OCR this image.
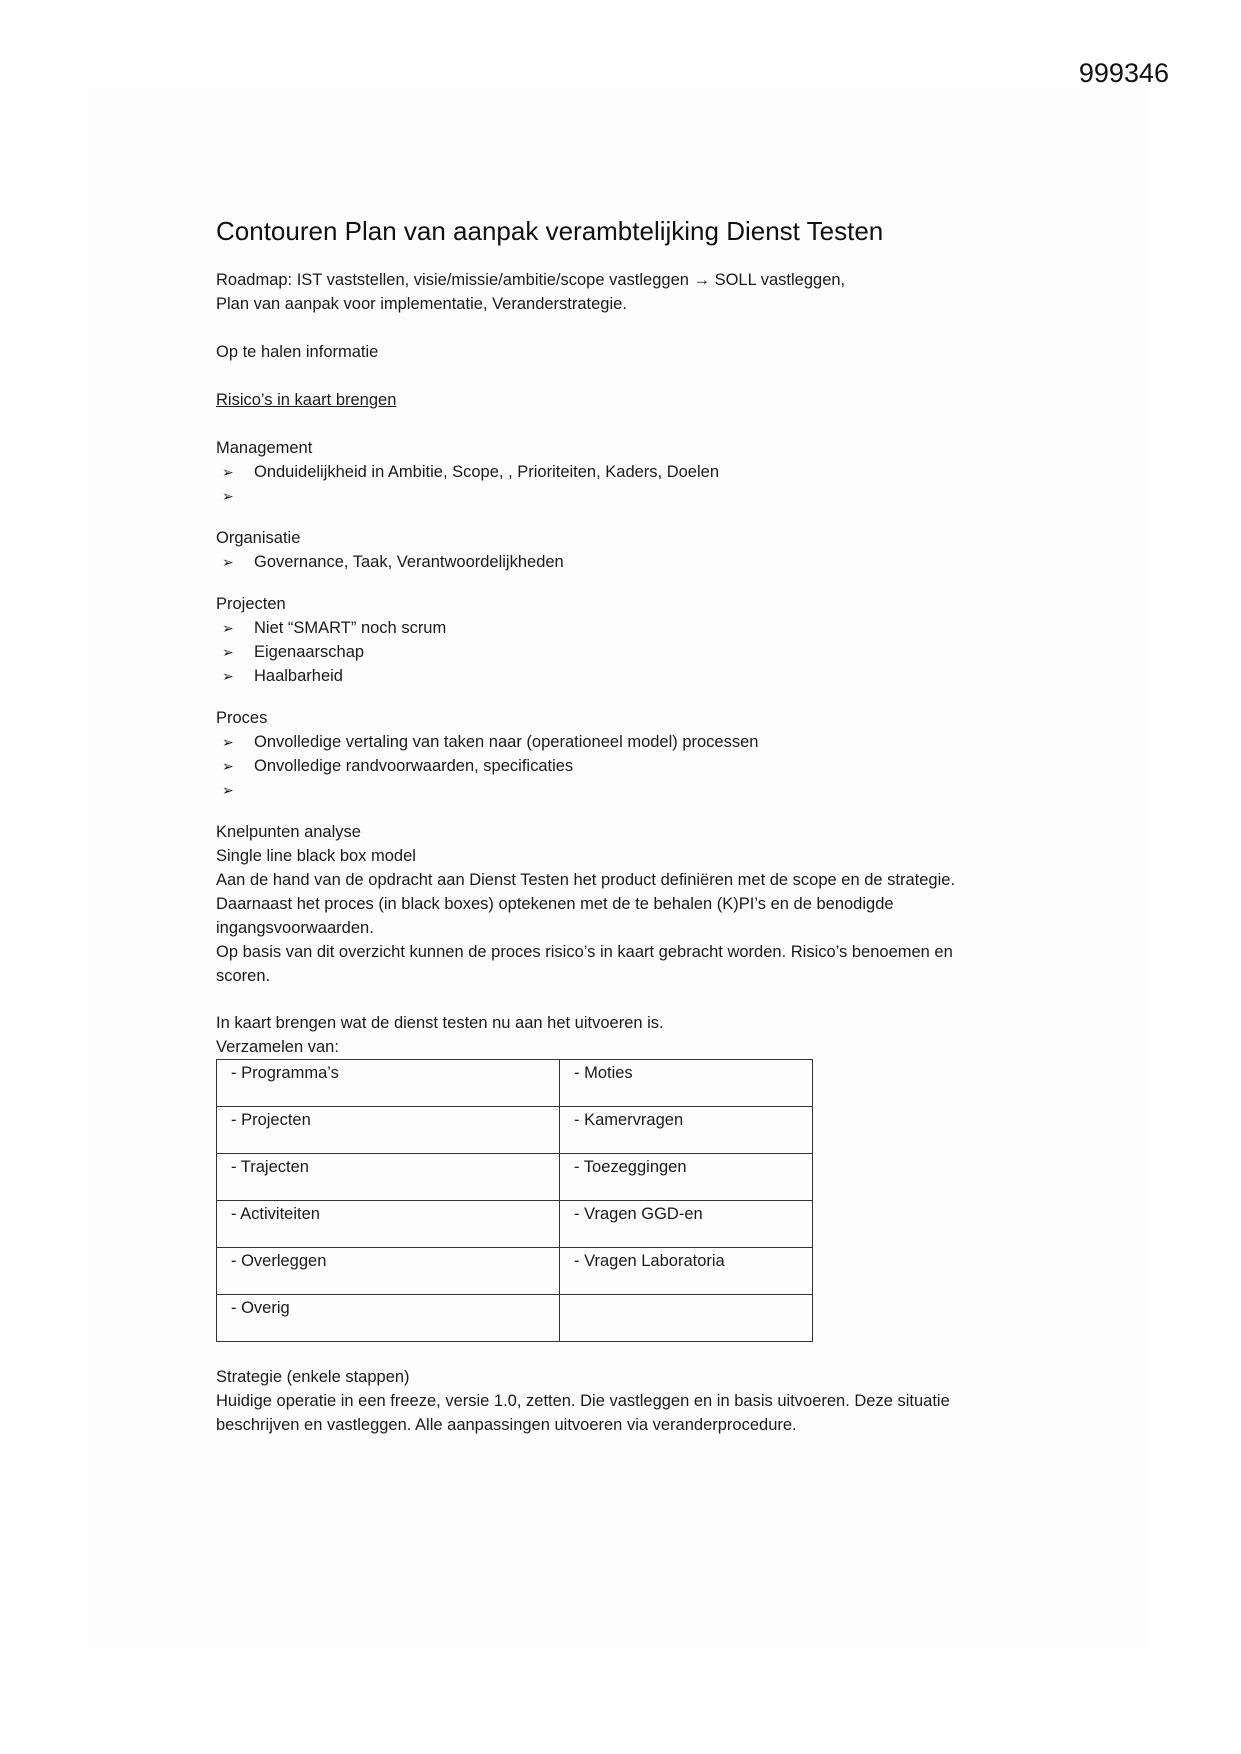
999346
Contouren Plan van aanpak verambtelijking Dienst Testen

Roadmap: IST vaststellen, visie/missie/ambitie/scope vastleggen → SOLL vastleggen,

Plan van aanpak voor implementatie, Veranderstrategie.

Op te halen informatie

Risico’s in kaart brengen

Management

➢ Onduidelijkheid in Ambitie, Scope, , Prioriteiten, Kaders, Doelen
➢

Organisatie

➢ Governance, Taak, Verantwoordelijkheden

Projecten

➢ Niet “SMART” noch scrum
➢ Eigenaarschap
➢ Haalbarheid

Proces

➢ Onvolledige vertaling van taken naar (operationeel model) processen
➢ Onvolledige randvoorwaarden, specificaties
➢

Knelpunten analyse

Single line black box model

Aan de hand van de opdracht aan Dienst Testen het product definiëren met de scope en de strategie.

Daarnaast het proces (in black boxes) optekenen met de te behalen (K)PI’s en de benodigde

ingangsvoorwaarden.

Op basis van dit overzicht kunnen de proces risico’s in kaart gebracht worden. Risico’s benoemen en

scoren.

In kaart brengen wat de dienst testen nu aan het uitvoeren is.

Verzamelen van:

- Programma’s	- Moties
- Projecten	- Kamervragen
- Trajecten	- Toezeggingen
- Activiteiten	- Vragen GGD-en
- Overleggen	- Vragen Laboratoria
- Overig	

Strategie (enkele stappen)

Huidige operatie in een freeze, versie 1.0, zetten. Die vastleggen en in basis uitvoeren. Deze situatie

beschrijven en vastleggen. Alle aanpassingen uitvoeren via veranderprocedure.
